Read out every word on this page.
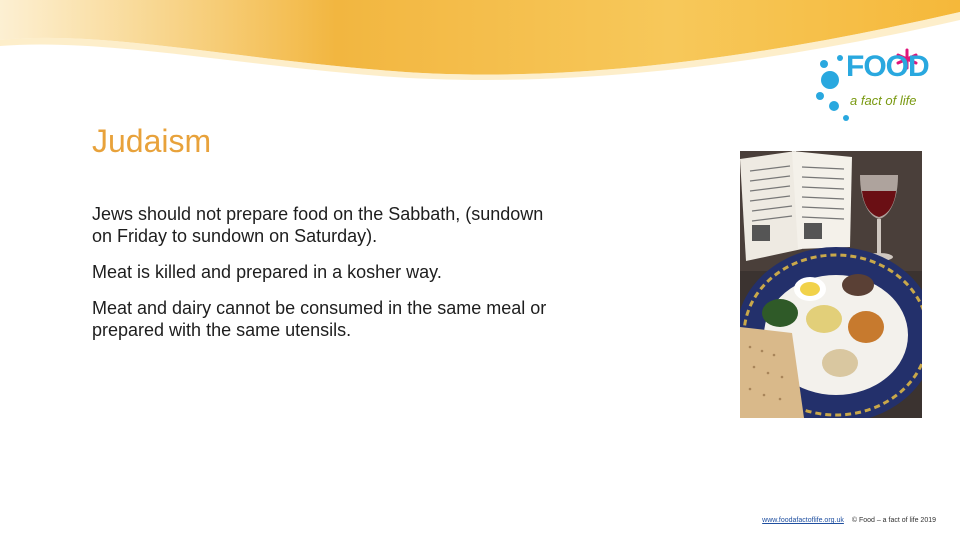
FOOD
a fact of life
Judaism

Jews should not prepare food on the Sabbath, (sundown on Friday to sundown on Saturday).

Meat is killed and prepared in a kosher way.

Meat and dairy cannot be consumed in the same meal or prepared with the same utensils.

www.foodafactoflife.org.uk © Food – a fact of life 2019
